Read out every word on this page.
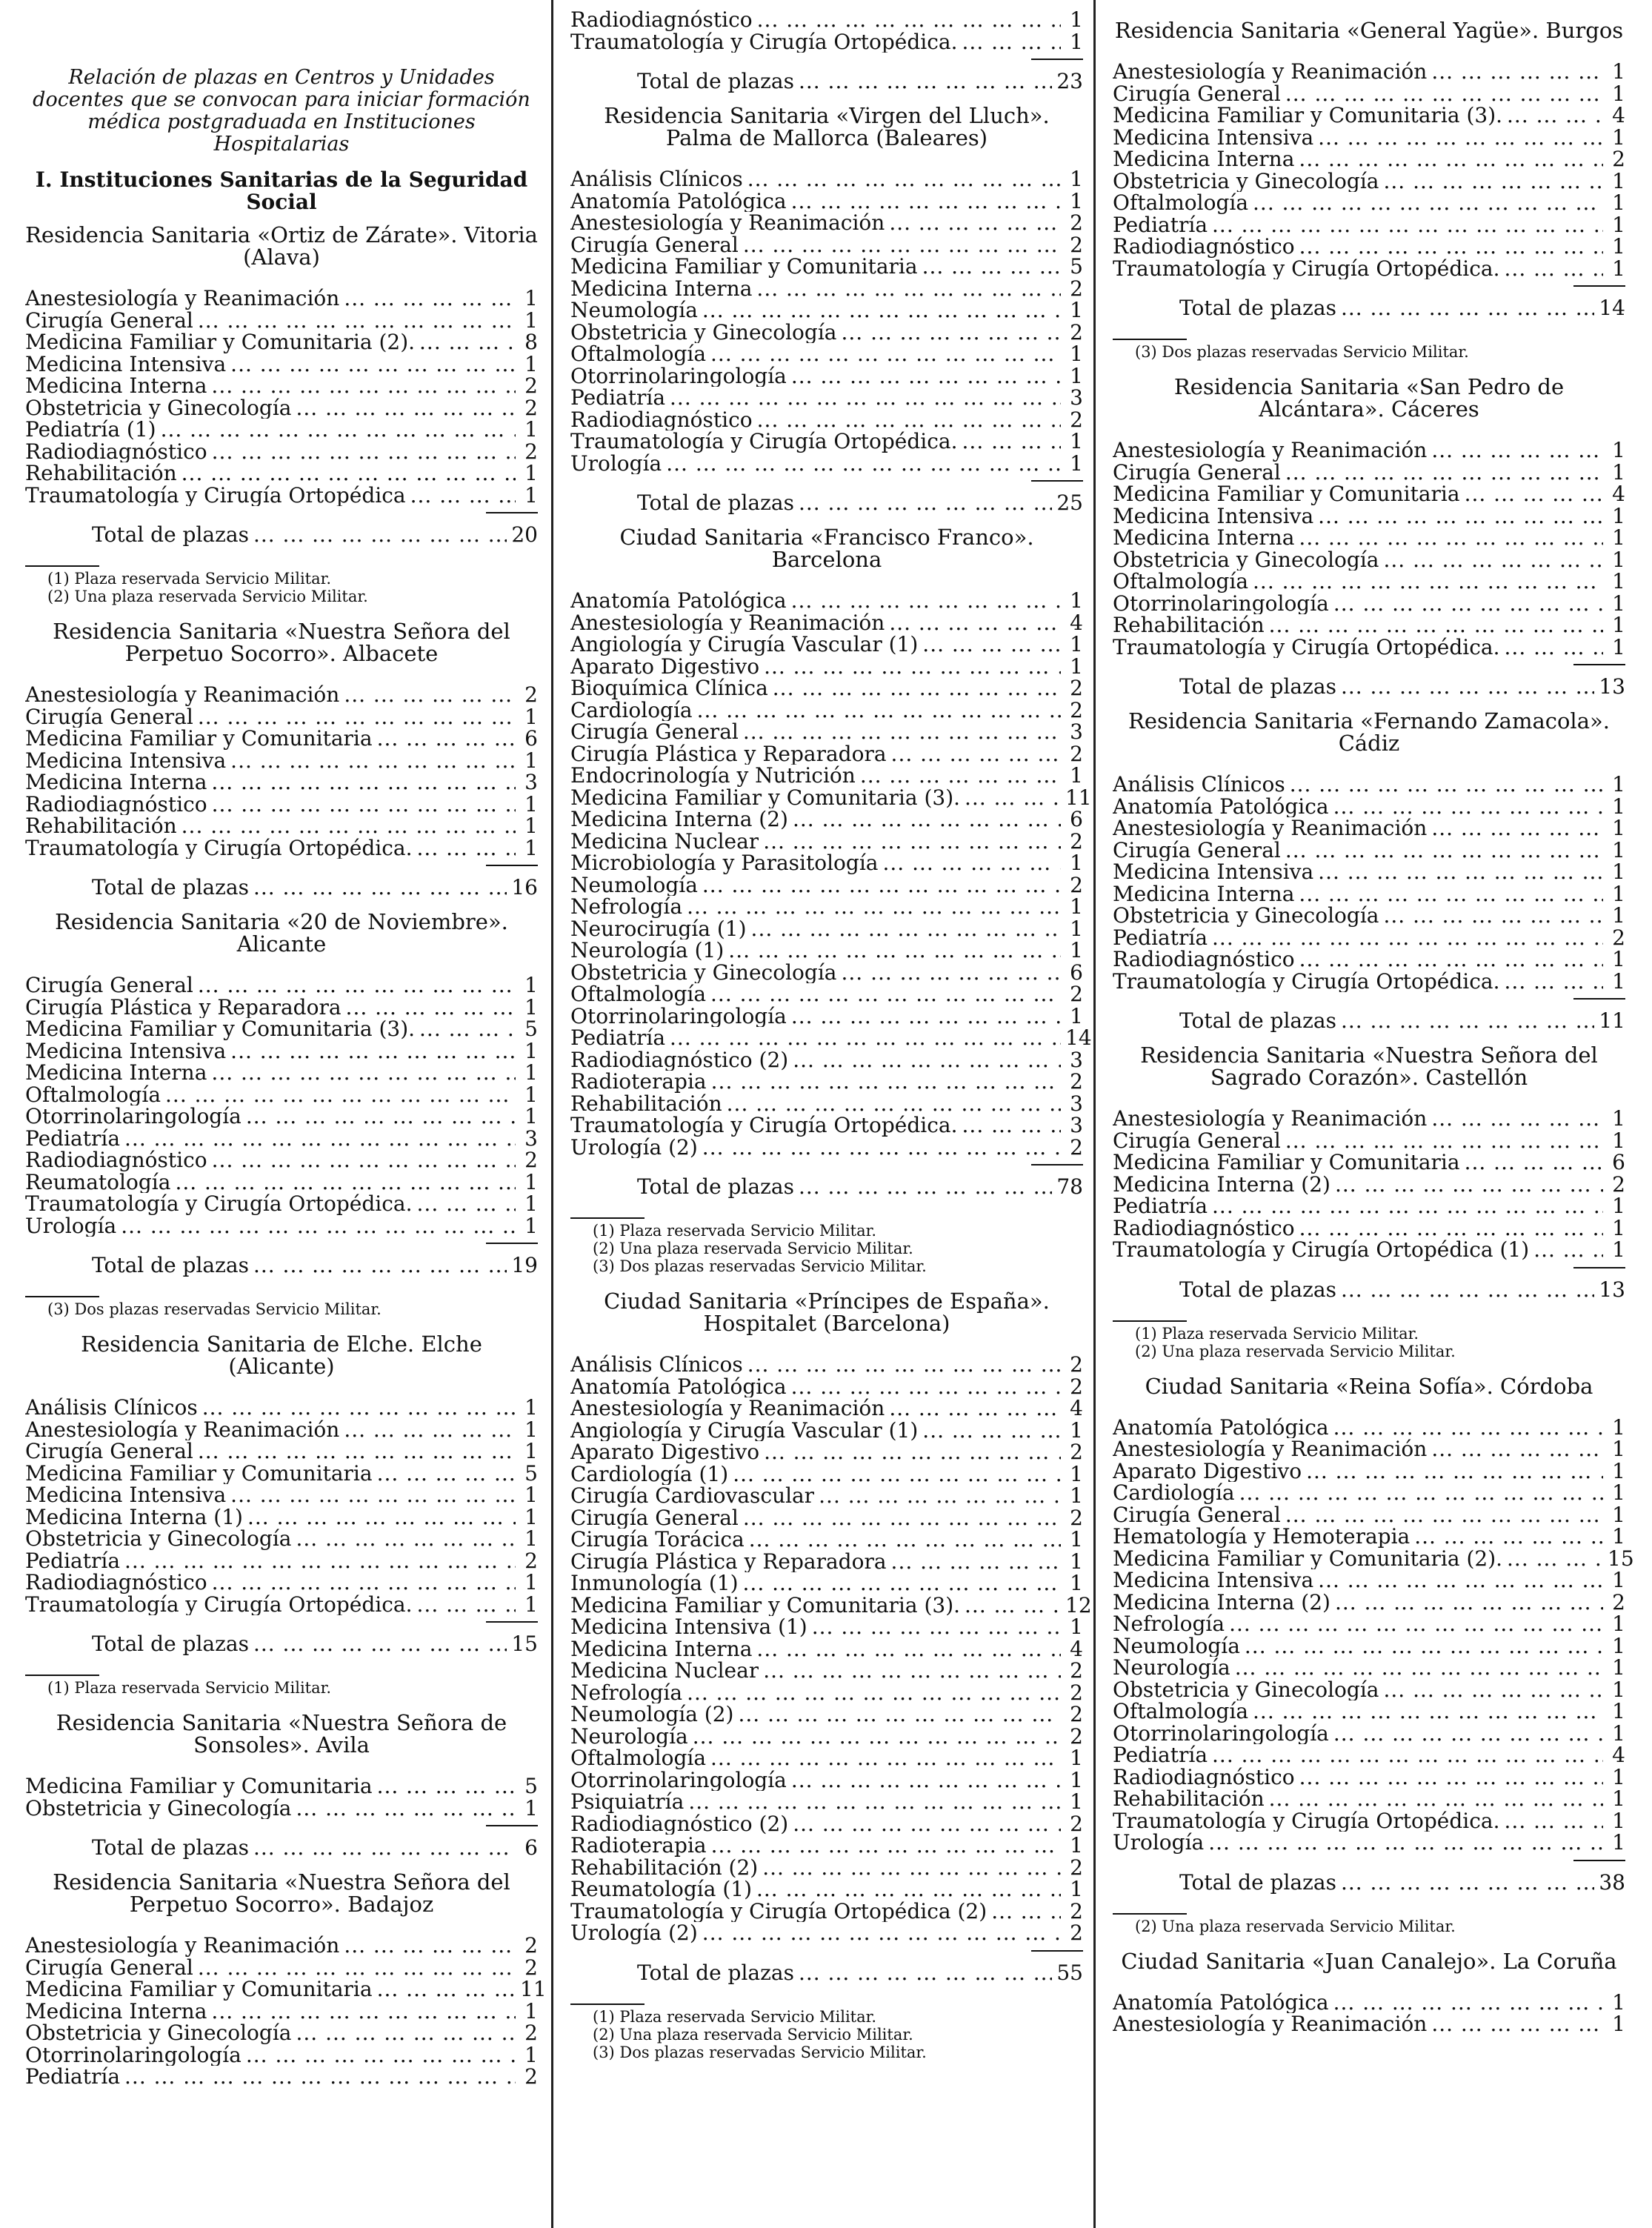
Relación de plazas en Centros y Unidades docentes que se convocan para iniciar formación médica postgraduada en Instituciones Hospitalarias
I. Instituciones Sanitarias de la Seguridad Social
Residencia Sanitaria «Ortiz de Zárate». Vitoria (Alava)
Anestesiología y Reanimación ... .	1
Cirugía General ... .	1
Medicina Familiar y Comunitaria (2). ... .	8
Medicina Intensiva ... .	1
Medicina Interna ... .	2
Obstetricia y Ginecología ... .	2
Pediatría (1) ... .	1
Radiodiagnóstico ... .	2
Rehabilitación ... .	1
Traumatología y Cirugía Ortopédica ... .	1
Total de plazas ... .	20
(1) Plaza reservada Servicio Militar.
(2) Una plaza reservada Servicio Militar.
Residencia Sanitaria «Nuestra Señora del Perpetuo Socorro». Albacete
Anestesiología y Reanimación ... .	2
Cirugía General ... .	1
Medicina Familiar y Comunitaria ... .	6
Medicina Intensiva ... .	1
Medicina Interna ... .	3
Radiodiagnóstico ... .	1
Rehabilitación ... .	1
Traumatología y Cirugía Ortopédica. ... .	1
Total de plazas ... .	16
Residencia Sanitaria «20 de Noviembre». Alicante
Cirugía General ... .	1
Cirugía Plástica y Reparadora ... .	1
Medicina Familiar y Comunitaria (3). ... .	5
Medicina Intensiva ... .	1
Medicina Interna ... .	1
Oftalmología ... .	1
Otorrinolaringología ... .	1
Pediatría ... .	3
Radiodiagnóstico ... .	2
Reumatología ... .	1
Traumatología y Cirugía Ortopédica. ... .	1
Urología ... .	1
Total de plazas ... .	19
(3) Dos plazas reservadas Servicio Militar.
Residencia Sanitaria de Elche. Elche (Alicante)
Análisis Clínicos ... .	1
Anestesiología y Reanimación ... .	1
Cirugía General ... .	1
Medicina Familiar y Comunitaria ... .	5
Medicina Intensiva ... .	1
Medicina Interna (1) ... .	1
Obstetricia y Ginecología ... .	1
Pediatría ... .	2
Radiodiagnóstico ... .	1
Traumatología y Cirugía Ortopédica. ... .	1
Total de plazas ... .	15
(1) Plaza reservada Servicio Militar.
Residencia Sanitaria «Nuestra Señora de Sonsoles». Avila
Medicina Familiar y Comunitaria ... .	5
Obstetricia y Ginecología ... .	1
Total de plazas ... .	6
Residencia Sanitaria «Nuestra Señora del Perpetuo Socorro». Badajoz
Anestesiología y Reanimación ... .	2
Cirugía General ... .	2
Medicina Familiar y Comunitaria ... .	11
Medicina Interna ... .	1
Obstetricia y Ginecología ... .	2
Otorrinolaringología ... .	1
Pediatría ... .	2
Radiodiagnóstico ... .	1
Traumatología y Cirugía Ortopédica. ... .	1
Total de plazas ... .	23
Residencia Sanitaria «Virgen del Lluch». Palma de Mallorca (Baleares)
Análisis Clínicos ... .	1
Anatomía Patológica ... .	1
Anestesiología y Reanimación ... .	2
Cirugía General ... .	2
Medicina Familiar y Comunitaria ... .	5
Medicina Interna ... .	2
Neumología ... .	1
Obstetricia y Ginecología ... .	2
Oftalmología ... .	1
Otorrinolaringología ... .	1
Pediatría ... .	3
Radiodiagnóstico ... .	2
Traumatología y Cirugía Ortopédica. ... .	1
Urología ... .	1
Total de plazas ... .	25
Ciudad Sanitaria «Francisco Franco». Barcelona
Anatomía Patológica ... .	1
Anestesiología y Reanimación ... .	4
Angiología y Cirugía Vascular (1) ... .	1
Aparato Digestivo ... .	1
Bioquímica Clínica ... .	2
Cardiología ... .	2
Cirugía General ... .	3
Cirugía Plástica y Reparadora ... .	2
Endocrinología y Nutrición ... .	1
Medicina Familiar y Comunitaria (3). ... .	11
Medicina Interna (2) ... .	6
Medicina Nuclear ... .	2
Microbiología y Parasitología ... .	1
Neumología ... .	2
Nefrología ... .	1
Neurocirugía (1) ... .	1
Neurología (1) ... .	1
Obstetricia y Ginecología ... .	6
Oftalmología ... .	2
Otorrinolaringología ... .	1
Pediatría ... .	14
Radiodiagnóstico (2) ... .	3
Radioterapia ... .	2
Rehabilitación ... .	3
Traumatología y Cirugía Ortopédica. ... .	3
Urología (2) ... .	2
Total de plazas ... .	78
(1) Plaza reservada Servicio Militar.
(2) Una plaza reservada Servicio Militar.
(3) Dos plazas reservadas Servicio Militar.
Ciudad Sanitaria «Príncipes de España». Hospitalet (Barcelona)
Análisis Clínicos ... .	2
Anatomía Patológica ... .	2
Anestesiología y Reanimación ... .	4
Angiología y Cirugía Vascular (1) ... .	1
Aparato Digestivo ... .	2
Cardiología (1) ... .	1
Cirugía Cardiovascular ... .	1
Cirugía General ... .	2
Cirugía Torácica ... .	1
Cirugía Plástica y Reparadora ... .	1
Inmunología (1) ... .	1
Medicina Familiar y Comunitaria (3). ... .	12
Medicina Intensiva (1) ... .	1
Medicina Interna ... .	4
Medicina Nuclear ... .	2
Nefrología ... .	2
Neumología (2) ... .	2
Neurología ... .	2
Oftalmología ... .	1
Otorrinolaringología ... .	1
Psiquiatría ... .	1
Radiodiagnóstico (2) ... .	2
Radioterapia ... .	1
Rehabilitación (2) ... .	2
Reumatología (1) ... .	1
Traumatología y Cirugía Ortopédica (2) ... .	2
Urología (2) ... .	2
Total de plazas ... .	55
(1) Plaza reservada Servicio Militar.
(2) Una plaza reservada Servicio Militar.
(3) Dos plazas reservadas Servicio Militar.
Residencia Sanitaria «General Yagüe». Burgos
Anestesiología y Reanimación ... .	1
Cirugía General ... .	1
Medicina Familiar y Comunitaria (3). ... .	4
Medicina Intensiva ... .	1
Medicina Interna ... .	2
Obstetricia y Ginecología ... .	1
Oftalmología ... .	1
Pediatría ... .	1
Radiodiagnóstico ... .	1
Traumatología y Cirugía Ortopédica. ... .	1
Total de plazas ... .	14
(3) Dos plazas reservadas Servicio Militar.
Residencia Sanitaria «San Pedro de Alcántara». Cáceres
Anestesiología y Reanimación ... .	1
Cirugía General ... .	1
Medicina Familiar y Comunitaria ... .	4
Medicina Intensiva ... .	1
Medicina Interna ... .	1
Obstetricia y Ginecología ... .	1
Oftalmología ... .	1
Otorrinolaringología ... .	1
Rehabilitación ... .	1
Traumatología y Cirugía Ortopédica. ... .	1
Total de plazas ... .	13
Residencia Sanitaria «Fernando Zamacola». Cádiz
Análisis Clínicos ... .	1
Anatomía Patológica ... .	1
Anestesiología y Reanimación ... .	1
Cirugía General ... .	1
Medicina Intensiva ... .	1
Medicina Interna ... .	1
Obstetricia y Ginecología ... .	1
Pediatría ... .	2
Radiodiagnóstico ... .	1
Traumatología y Cirugía Ortopédica. ... .	1
Total de plazas ... .	11
Residencia Sanitaria «Nuestra Señora del Sagrado Corazón». Castellón
Anestesiología y Reanimación ... .	1
Cirugía General ... .	1
Medicina Familiar y Comunitaria ... .	6
Medicina Interna (2) ... .	2
Pediatría ... .	1
Radiodiagnóstico ... .	1
Traumatología y Cirugía Ortopédica (1) ... .	1
Total de plazas ... .	13
(1) Plaza reservada Servicio Militar.
(2) Una plaza reservada Servicio Militar.
Ciudad Sanitaria «Reina Sofía». Córdoba
Anatomía Patológica ... .	1
Anestesiología y Reanimación ... .	1
Aparato Digestivo ... .	1
Cardiología ... .	1
Cirugía General ... .	1
Hematología y Hemoterapia ... .	1
Medicina Familiar y Comunitaria (2). ... .	15
Medicina Intensiva ... .	1
Medicina Interna (2) ... .	2
Nefrología ... .	1
Neumología ... .	1
Neurología ... .	1
Obstetricia y Ginecología ... .	1
Oftalmología ... .	1
Otorrinolaringología ... .	1
Pediatría ... .	4
Radiodiagnóstico ... .	1
Rehabilitación ... .	1
Traumatología y Cirugía Ortopédica. ... .	1
Urología ... .	1
Total de plazas ... .	38
(2) Una plaza reservada Servicio Militar.
Ciudad Sanitaria «Juan Canalejo». La Coruña
Anatomía Patológica ... .	1
Anestesiología y Reanimación ... .	1
